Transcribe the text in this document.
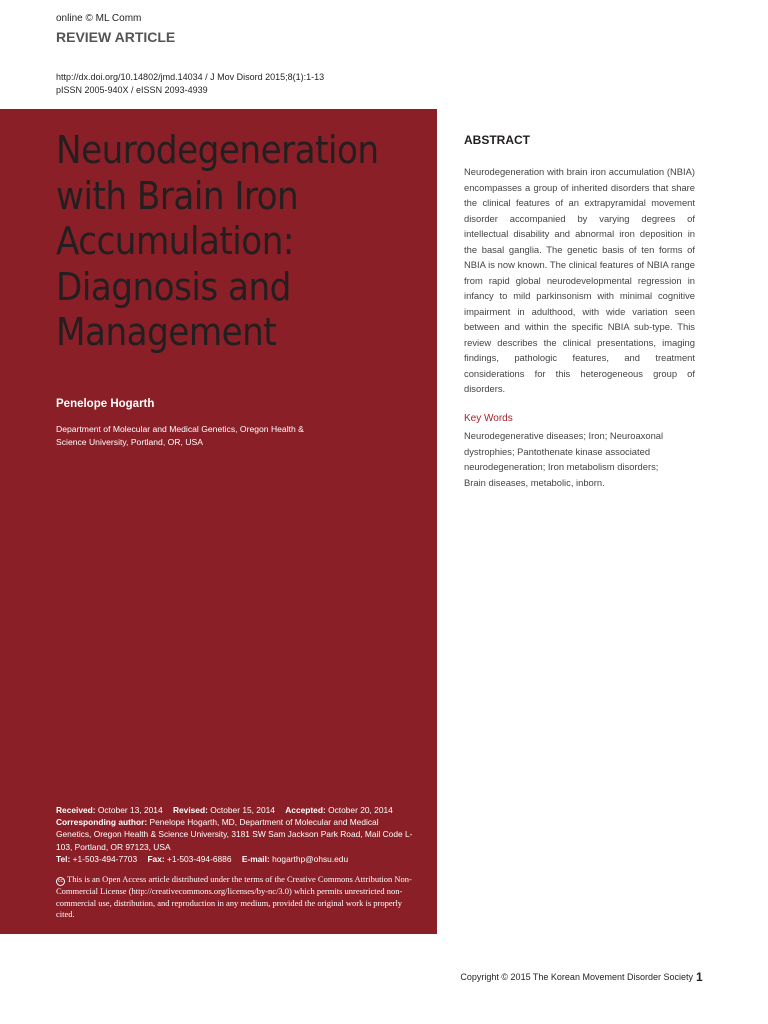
online © ML Comm
REVIEW ARTICLE
http://dx.doi.org/10.14802/jmd.14034 / J Mov Disord 2015;8(1):1-13
pISSN 2005-940X / eISSN 2093-4939
Neurodegeneration
with Brain Iron
Accumulation:
Diagnosis and
Management
Penelope Hogarth
Department of Molecular and Medical Genetics, Oregon Health &
Science University, Portland, OR, USA
Received: October 13, 2014 Revised: October 15, 2014 Accepted: October 20, 2014
Corresponding author: Penelope Hogarth, MD, Department of Molecular and Medical Genetics, Oregon Health & Science University, 3181 SW Sam Jackson Park Road, Mail Code L-103, Portland, OR 97123, USA
Tel: +1-503-494-7703 Fax: +1-503-494-6886 E-mail: hogarthp@ohsu.edu
cc This is an Open Access article distributed under the terms of the Creative Commons Attribution Non-Commercial License (http://creativecommons.org/licenses/by-nc/3.0) which permits unrestricted non-commercial use, distribution, and reproduction in any medium, provided the original work is properly cited.
ABSTRACT
Neurodegeneration with brain iron accumulation (NBIA) encompasses a group of inherited disorders that share the clinical features of an extrapyramidal movement disorder accompanied by varying degrees of intellectual disability and abnormal iron deposition in the basal ganglia. The genetic basis of ten forms of NBIA is now known. The clinical features of NBIA range from rapid global neurodevelopmental regression in infancy to mild parkinsonism with minimal cognitive impairment in adulthood, with wide variation seen between and within the specific NBIA sub-type. This review describes the clinical presentations, imaging findings, pathologic features, and treatment considerations for this heterogeneous group of disorders.
Key Words
Neurodegenerative diseases; Iron; Neuroaxonal
dystrophies; Pantothenate kinase associated
neurodegeneration; Iron metabolism disorders;
Brain diseases, metabolic, inborn.
Copyright © 2015 The Korean Movement Disorder Society 1
